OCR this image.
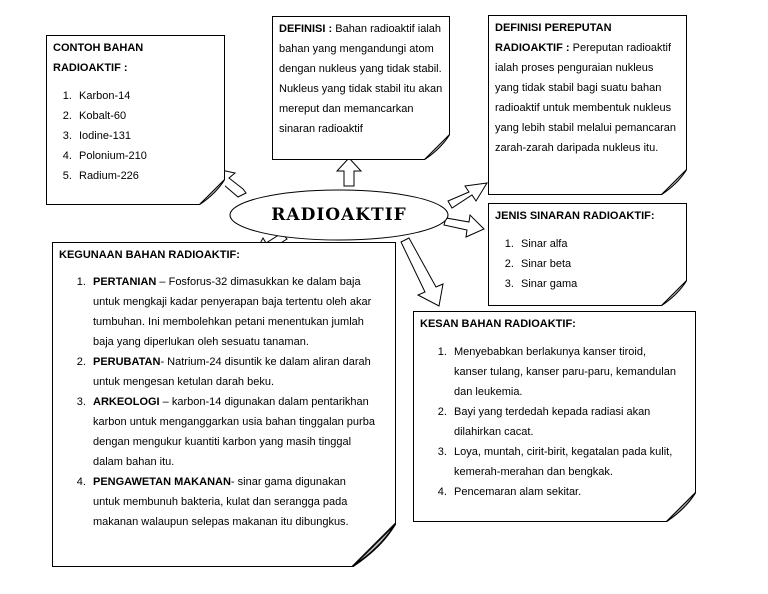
RADIOAKTIF
CONTOH BAHAN
RADIOAKTIF :
1. Karbon-14
2. Kobalt-60
3. Iodine-131
4. Polonium-210
5. Radium-226
DEFINISI : Bahan radioaktif ialah bahan yang mengandungi atom dengan nukleus yang tidak stabil. Nukleus yang tidak stabil itu akan mereput dan memancarkan sinaran radioaktif
DEFINISI PEREPUTAN
RADIOAKTIF : Pereputan radioaktif ialah proses penguraian nukleus yang tidak stabil bagi suatu bahan radioaktif untuk membentuk nukleus yang lebih stabil melalui pemancaran zarah-zarah daripada nukleus itu.
JENIS SINARAN RADIOAKTIF:
1. Sinar alfa
2. Sinar beta
3. Sinar gama
KEGUNAAN BAHAN RADIOAKTIF:
1. PERTANIAN – Fosforus-32 dimasukkan ke dalam baja untuk mengkaji kadar penyerapan baja tertentu oleh akar tumbuhan. Ini membolehkan petani menentukan jumlah baja yang diperlukan oleh sesuatu tanaman.
2. PERUBATAN- Natrium-24 disuntik ke dalam aliran darah untuk mengesan ketulan darah beku.
3. ARKEOLOGI – karbon-14 digunakan dalam pentarikhan karbon untuk menganggarkan usia bahan tinggalan purba dengan mengukur kuantiti karbon yang masih tinggal dalam bahan itu.
4. PENGAWETAN MAKANAN- sinar gama digunakan untuk membunuh bakteria, kulat dan serangga pada makanan walaupun selepas makanan itu dibungkus.
KESAN BAHAN RADIOAKTIF:
1. Menyebabkan berlakunya kanser tiroid, kanser tulang, kanser paru-paru, kemandulan dan leukemia.
2. Bayi yang terdedah kepada radiasi akan dilahirkan cacat.
3. Loya, muntah, cirit-birit, kegatalan pada kulit, kemerah-merahan dan bengkak.
4. Pencemaran alam sekitar.
